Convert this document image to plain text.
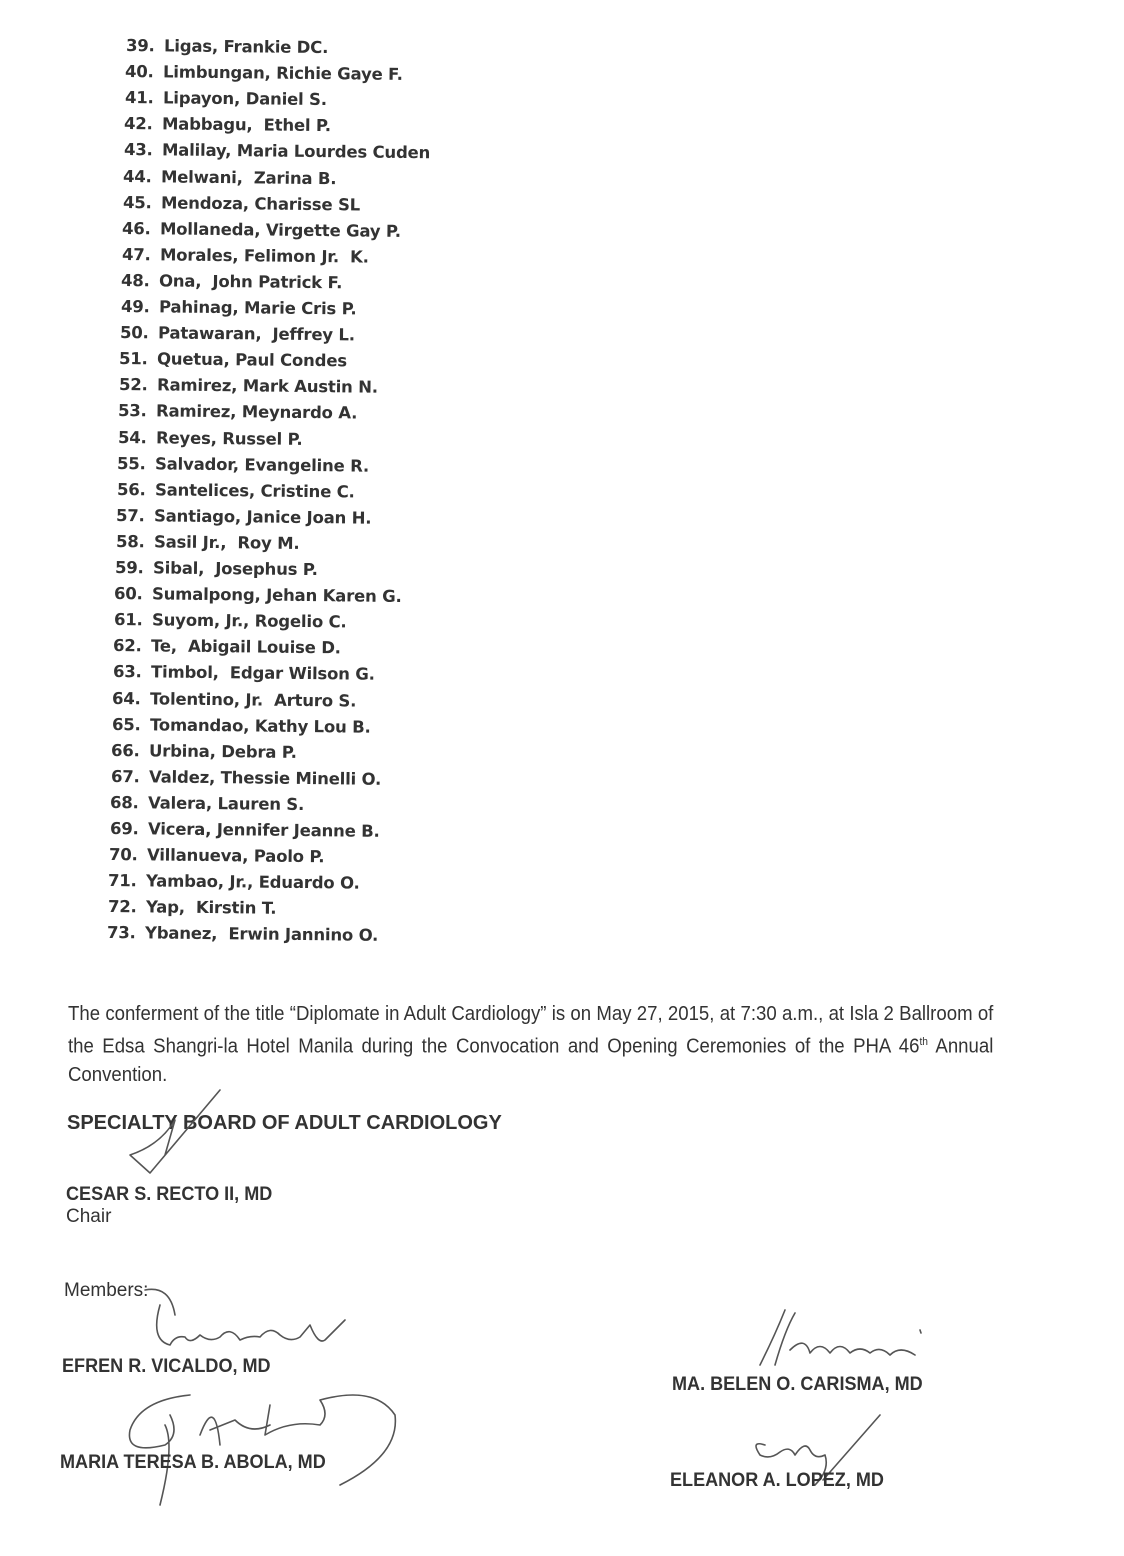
39. Ligas, Frankie DC.
40. Limbungan, Richie Gaye F.
41. Lipayon, Daniel S.
42. Mabbagu,  Ethel P.
43. Malilay, Maria Lourdes Cuden
44. Melwani,  Zarina B.
45. Mendoza, Charisse SL
46. Mollaneda, Virgette Gay P.
47. Morales, Felimon Jr.  K.
48. Ona,  John Patrick F.
49. Pahinag, Marie Cris P.
50. Patawaran,  Jeffrey L.
51. Quetua, Paul Condes
52. Ramirez, Mark Austin N.
53. Ramirez, Meynardo A.
54. Reyes, Russel P.
55. Salvador, Evangeline R.
56. Santelices, Cristine C.
57. Santiago, Janice Joan H.
58. Sasil Jr.,  Roy M.
59. Sibal,  Josephus P.
60. Sumalpong, Jehan Karen G.
61. Suyom, Jr., Rogelio C.
62. Te,  Abigail Louise D.
63. Timbol,  Edgar Wilson G.
64. Tolentino, Jr.  Arturo S.
65. Tomandao, Kathy Lou B.
66. Urbina, Debra P.
67. Valdez, Thessie Minelli O.
68. Valera, Lauren S.
69. Vicera, Jennifer Jeanne B.
70. Villanueva, Paolo P.
71. Yambao, Jr., Eduardo O.
72. Yap,  Kirstin T.
73. Ybanez,  Erwin Jannino O.
The conferment of the title “Diplomate in Adult Cardiology” is on May 27, 2015, at 7:30 a.m., at Isla 2 Ballroom of the Edsa Shangri-la Hotel Manila during the Convocation and Opening Ceremonies of the PHA 46th Annual Convention.
SPECIALTY BOARD OF ADULT CARDIOLOGY
CESAR S. RECTO II, MD
Chair
Members:
EFREN R. VICALDO, MD
MARIA TERESA B. ABOLA, MD
MA. BELEN O. CARISMA, MD
ELEANOR A. LOPEZ, MD
